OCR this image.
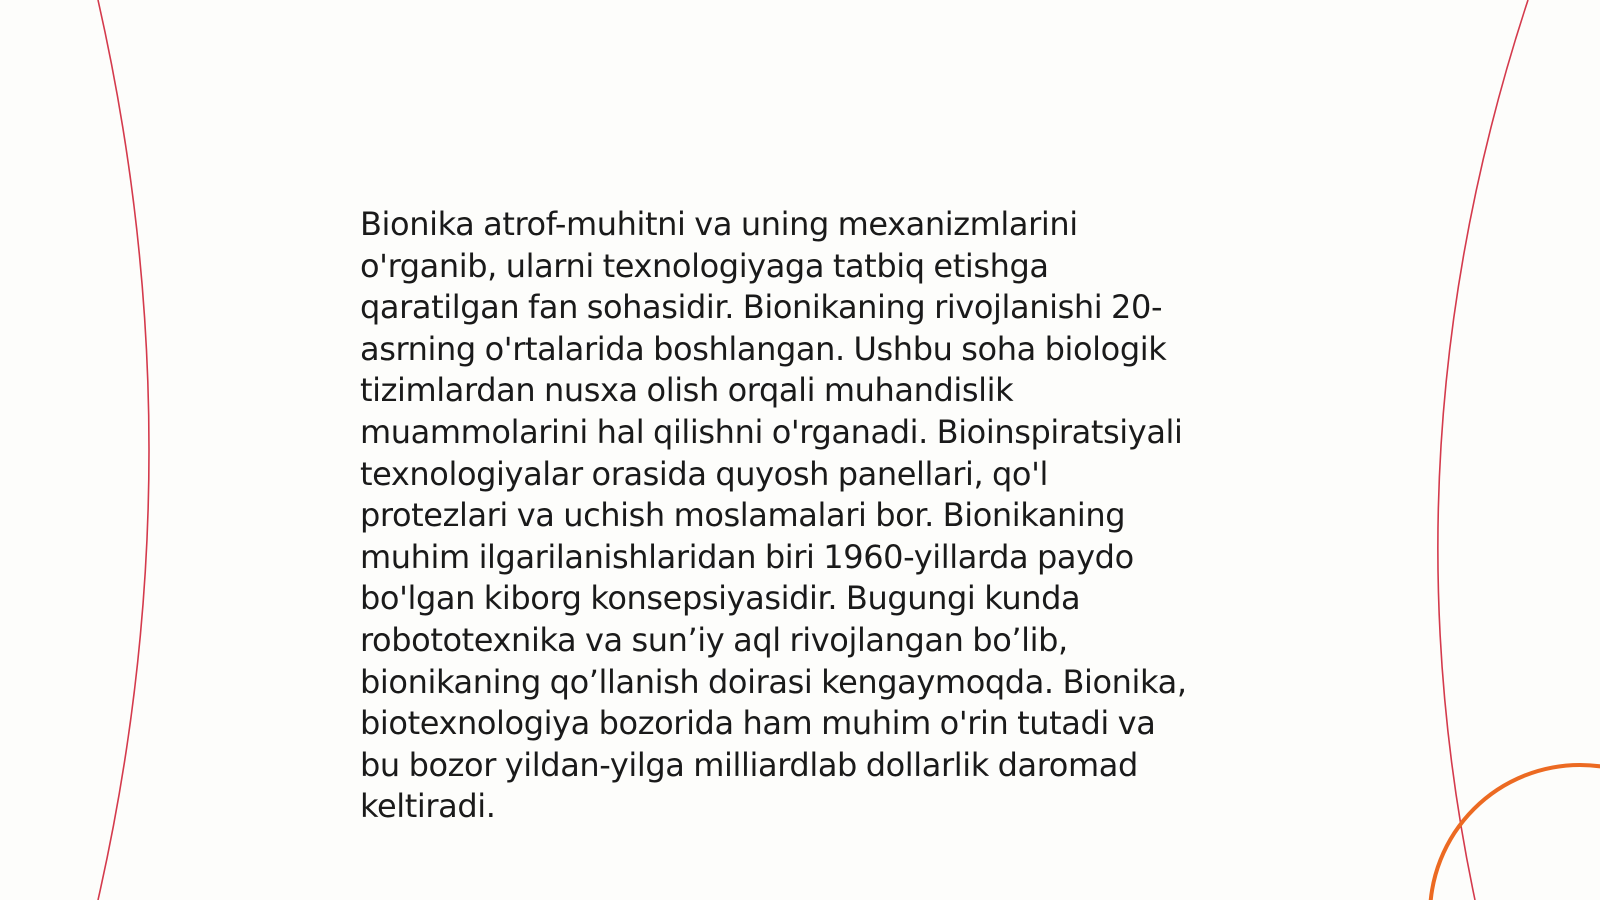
Bionika atrof-muhitni va uning mexanizmlarini
o'rganib, ularni texnologiyaga tatbiq etishga
qaratilgan fan sohasidir. Bionikaning rivojlanishi 20-
asrning o'rtalarida boshlangan. Ushbu soha biologik
tizimlardan nusxa olish orqali muhandislik
muammolarini hal qilishni o'rganadi. Bioinspiratsiyali
texnologiyalar orasida quyosh panellari, qo'l
protezlari va uchish moslamalari bor. Bionikaning
muhim ilgarilanishlaridan biri 1960-yillarda paydo
bo'lgan kiborg konsepsiyasidir. Bugungi kunda
robototexnika va sun’iy aql rivojlangan bo’lib,
bionikaning qo’llanish doirasi kengaymoqda. Bionika,
biotexnologiya bozorida ham muhim o'rin tutadi va
bu bozor yildan-yilga milliardlab dollarlik daromad
keltiradi.
